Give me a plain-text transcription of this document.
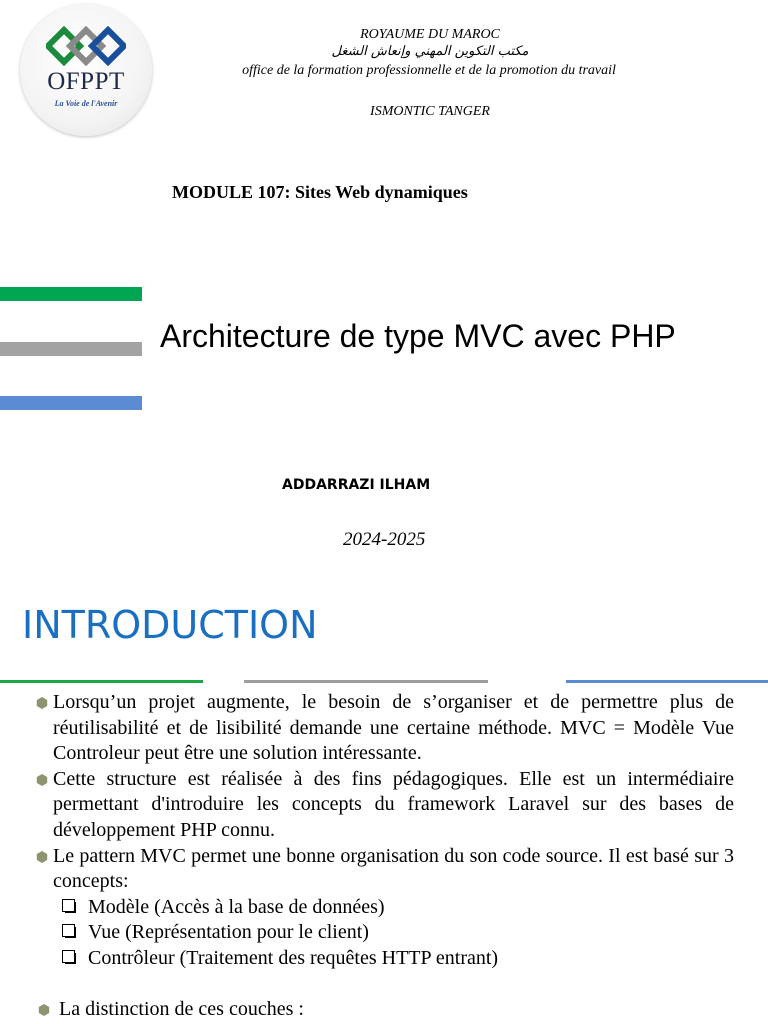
OFPPT
La Voie de l'Avenir
ROYAUME DU MAROC
مكتب التكوين المهني وإنعاش الشغل
office de la formation professionnelle et de la promotion du travail
ISMONTIC TANGER
MODULE 107: Sites Web dynamiques
Architecture de type MVC avec PHP
ADDARRAZI ILHAM
2024-2025
INTRODUCTION
Lorsqu’un projet augmente, le besoin de s’organiser et de permettre plus de réutilisabilité et de lisibilité demande une certaine méthode. MVC = Modèle Vue Controleur peut être une solution intéressante.
Cette structure est réalisée à des fins pédagogiques. Elle est un intermédiaire permettant d'introduire les concepts du framework Laravel sur des bases de développement PHP connu.
Le pattern MVC permet une bonne organisation du son code source. Il est basé sur 3 concepts:
Modèle (Accès à la base de données)
Vue (Représentation pour le client)
Contrôleur (Traitement des requêtes HTTP entrant)
La distinction de ces couches :
